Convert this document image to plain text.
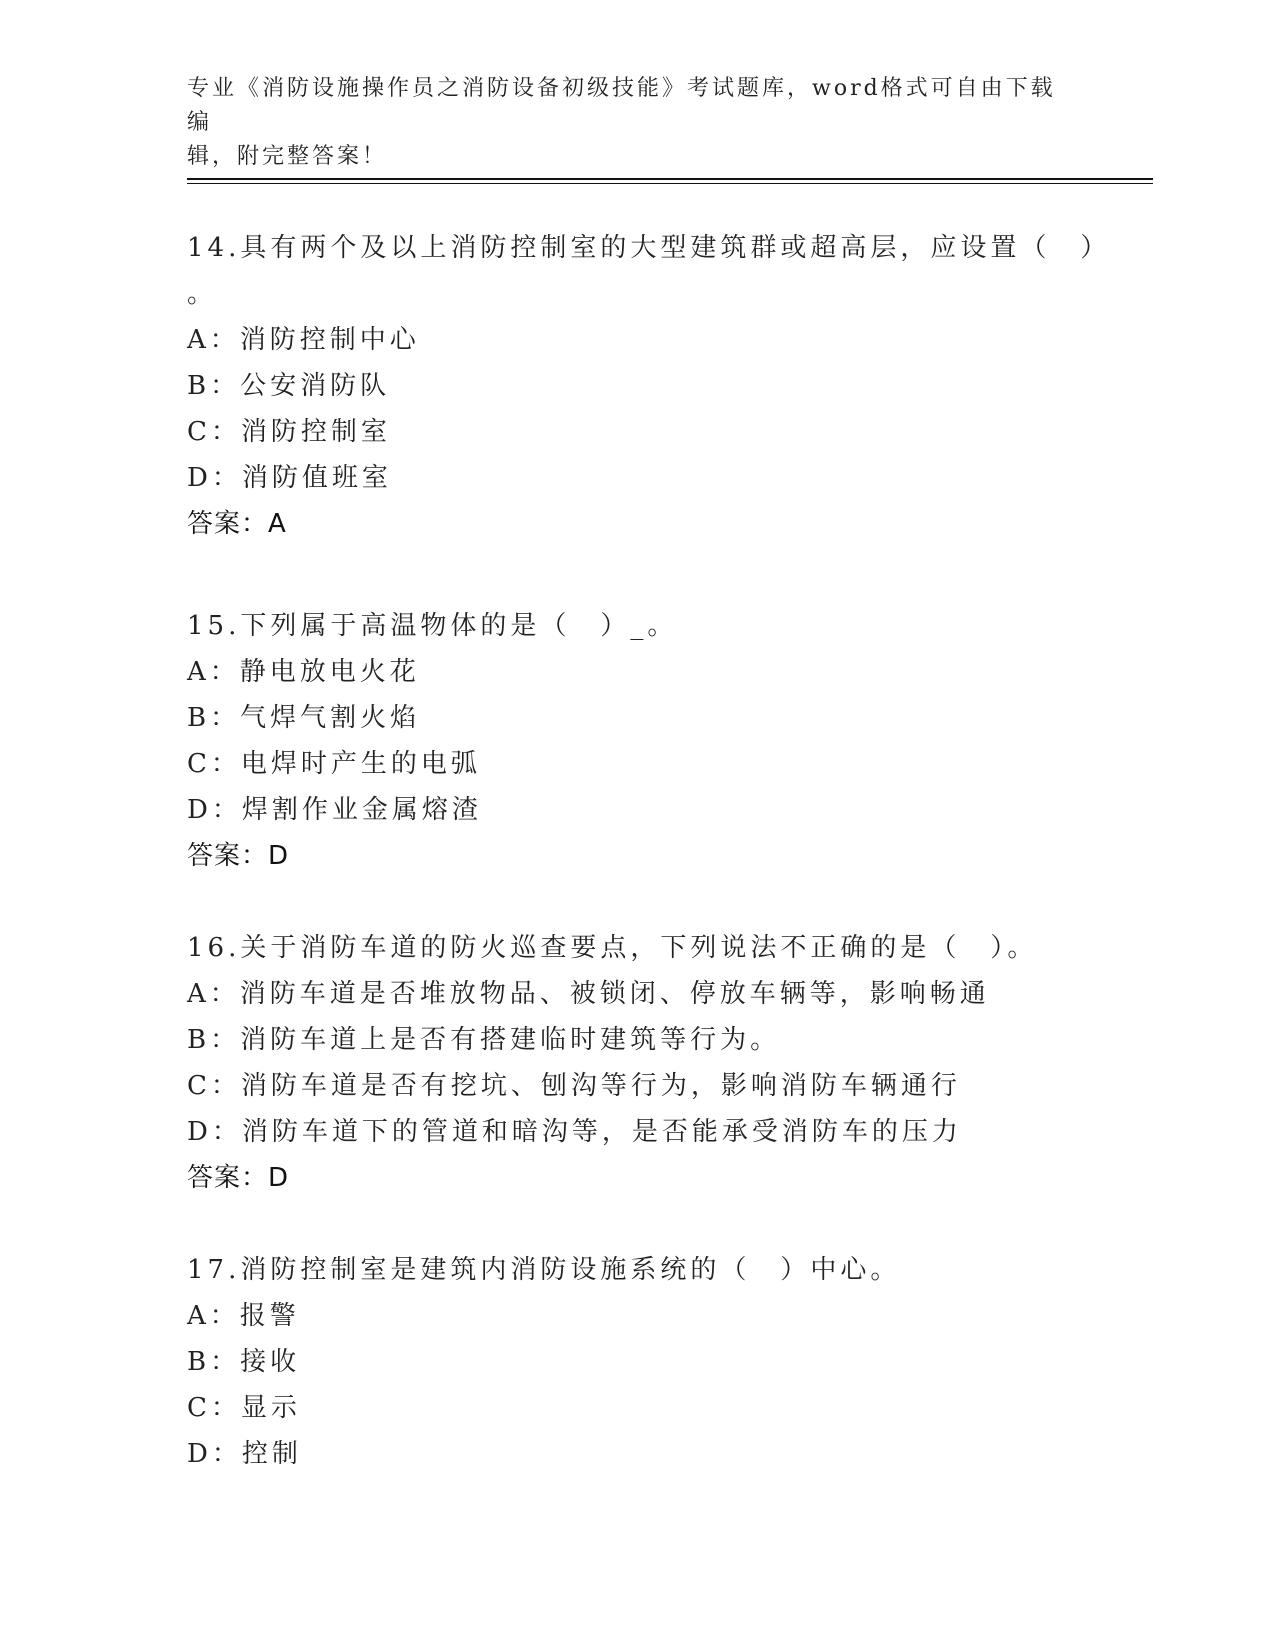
专业《消防设施操作员之消防设备初级技能》考试题库，word格式可自由下载编
辑，附完整答案！
14.具有两个及以上消防控制室的大型建筑群或超高层，应设置（　）
。
A：消防控制中心
B：公安消防队
C：消防控制室
D：消防值班室
答案：A
15.下列属于高温物体的是（　）_。
A：静电放电火花
B：气焊气割火焰
C：电焊时产生的电弧
D：焊割作业金属熔渣
答案：D
16.关于消防车道的防火巡查要点，下列说法不正确的是（　）。
A：消防车道是否堆放物品、被锁闭、停放车辆等，影响畅通
B：消防车道上是否有搭建临时建筑等行为。
C：消防车道是否有挖坑、刨沟等行为，影响消防车辆通行
D：消防车道下的管道和暗沟等，是否能承受消防车的压力
答案：D
17.消防控制室是建筑内消防设施系统的（　）中心。
A：报警
B：接收
C：显示
D：控制
